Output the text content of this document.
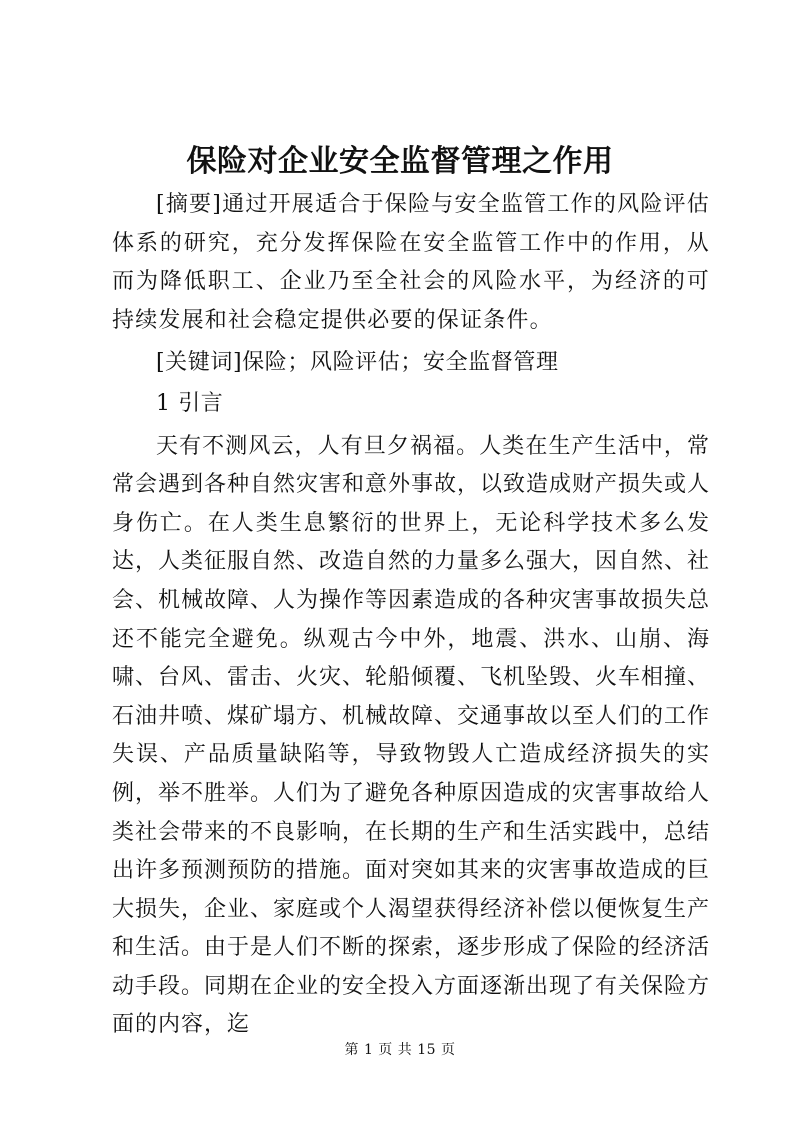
保险对企业安全监督管理之作用

[摘要]通过开展适合于保险与安全监管工作的风险评估体系的研究，充分发挥保险在安全监管工作中的作用，从而为降低职工、企业乃至全社会的风险水平，为经济的可持续发展和社会稳定提供必要的保证条件。

[关键词]保险；风险评估；安全监督管理

1 引言

天有不测风云，人有旦夕祸福。人类在生产生活中，常常会遇到各种自然灾害和意外事故，以致造成财产损失或人身伤亡。在人类生息繁衍的世界上，无论科学技术多么发达，人类征服自然、改造自然的力量多么强大，因自然、社会、机械故障、人为操作等因素造成的各种灾害事故损失总还不能完全避免。纵观古今中外，地震、洪水、山崩、海啸、台风、雷击、火灾、轮船倾覆、飞机坠毁、火车相撞、石油井喷、煤矿塌方、机械故障、交通事故以至人们的工作失误、产品质量缺陷等，导致物毁人亡造成经济损失的实例，举不胜举。人们为了避免各种原因造成的灾害事故给人类社会带来的不良影响，在长期的生产和生活实践中，总结出许多预测预防的措施。面对突如其来的灾害事故造成的巨大损失，企业、家庭或个人渴望获得经济补偿以便恢复生产和生活。由于是人们不断的探索，逐步形成了保险的经济活动手段。同期在企业的安全投入方面逐渐出现了有关保险方面的内容，迄

第 1 页 共 15 页
